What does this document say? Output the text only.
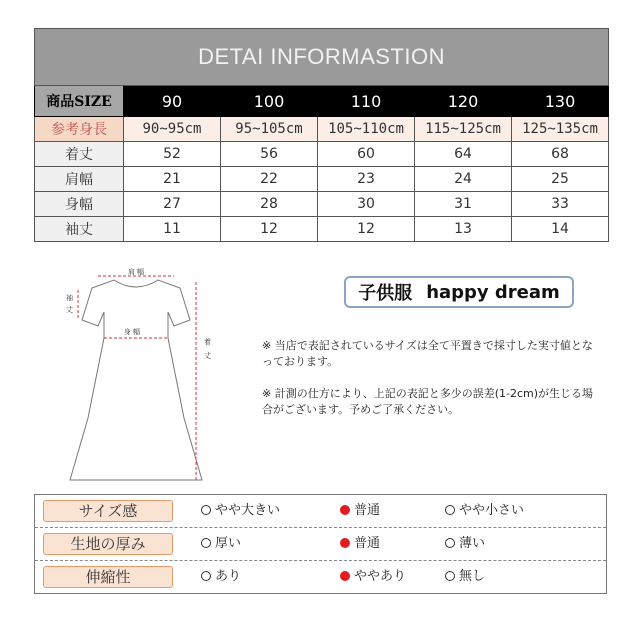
DETAI INFORMASTION					
商品SIZE	90	100	110	120	130
参考身長	90~95cm	95~105cm	105~110cm	115~125cm	125~135cm
着丈	52	56	60	64	68
肩幅	21	22	23	24	25
身幅	27	28	30	31	33
袖丈	11	12	12	13	14
肩 幅
身 幅
袖
丈
着
丈
子供服 happy dream
※ 当店で表記されているサイズは全て平置きで採寸した実寸値となっております。
※ 計測の仕方により、上記の表記と多少の誤差(1-2cm)が生じる場合がございます。予めご了承ください。
サイズ感	やや大きい	普通	やや小さい
生地の厚み	厚い	普通	薄い
伸縮性	あり	ややあり	無し
